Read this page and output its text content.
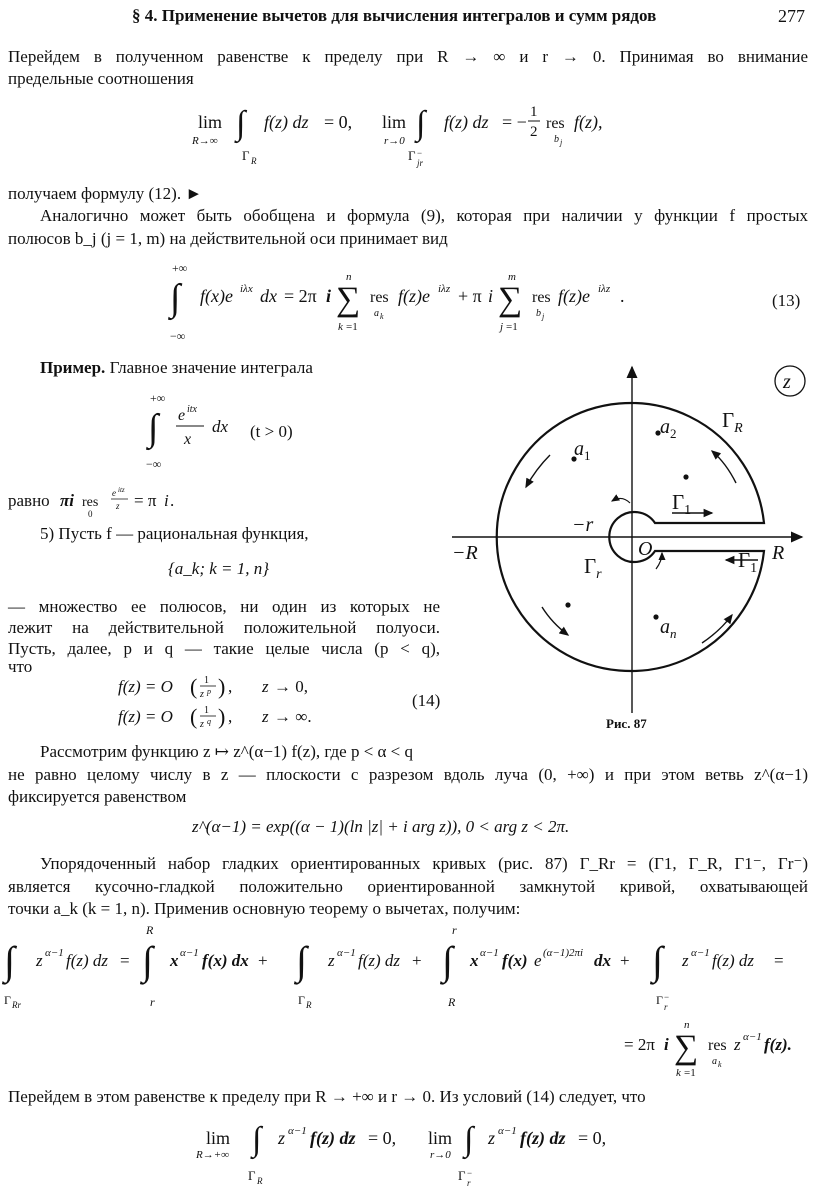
§ 4. Применение вычетов для вычисления интегралов и сумм рядов	277
Перейдем в полученном равенстве к пределу при R → ∞ и r → 0. Принимая во внимание
предельные соотношения
lim
R→∞ ∫
Γ R
f(z) dz = 0, lim
r→0 ∫
Γ −
jr
f(z) dz = − 1
2 res
b j
f(z),
получаем формулу (12). ►
Аналогично может быть обобщена и формула (9), которая при наличии у функции f простых
полюсов b_j (j = 1, m) на действительной оси принимает вид
+∞
∫
−∞
f(x)e iλx dx = 2π i ∑
n
k =1
res
a k
f(z)e iλz + π i ∑
m
j =1
res
b j
f(z)e iλz .	(13)
Пример. Главное значение интеграла
+∞
∫
−∞
e itx
x
dx (t > 0)
равно πi res
0
e itz
z = π i .
5) Пусть f — рациональная функция,
{a_k; k = 1, n}
— множество ее полюсов, ни один из которых не
лежит на действительной положительной полуоси.
Пусть, далее, p и q — такие целые числа (p < q),
что
f(z) = O ( 1
z p ) , z → 0,
f(z) = O ( 1
z q ) , z → ∞.
(14)
z
$a_1$
$a_2$
$a_n$
$\Gamma_R$
$\Gamma_1$
$\Gamma_r$
$\Gamma_1$
−r
O
−R	R
Рис. 87
Рассмотрим функцию z ↦ z^(α−1) f(z), где p < α < q
не равно целому числу в z — плоскости с разрезом вдоль луча (0, +∞) и при этом ветвь z^(α−1)
фиксируется равенством
z^(α−1) = exp((α − 1)(ln |z| + i arg z)), 0 < arg z < 2π.
Упорядоченный набор гладких ориентированных кривых (рис. 87) Γ_Rr = (Γ1, Γ_R, Γ1⁻, Γr⁻)
является кусочно-гладкой положительно ориентированной замкнутой кривой, охватывающей
точки a_k (k = 1, n). Применив основную теорему о вычетах, получим:
∫
Γ Rr
z α−1 f(z) dz =
R
∫
r
x α−1 f(x) dx + ∫
Γ R
z α−1 f(z) dz +
r
∫
R
x α−1 f(x) e (α−1)2πi dx + ∫
Γ −
r
z α−1 f(z) dz =
= 2π i ∑
n
k =1
res
a k
z α−1 f(z).
Перейдем в этом равенстве к пределу при R → +∞ и r → 0. Из условий (14) следует, что
lim
R→+∞ ∫
Γ R
z α−1 f(z) dz = 0, lim
r→0 ∫
Γ −
r
z α−1 f(z) dz = 0,
